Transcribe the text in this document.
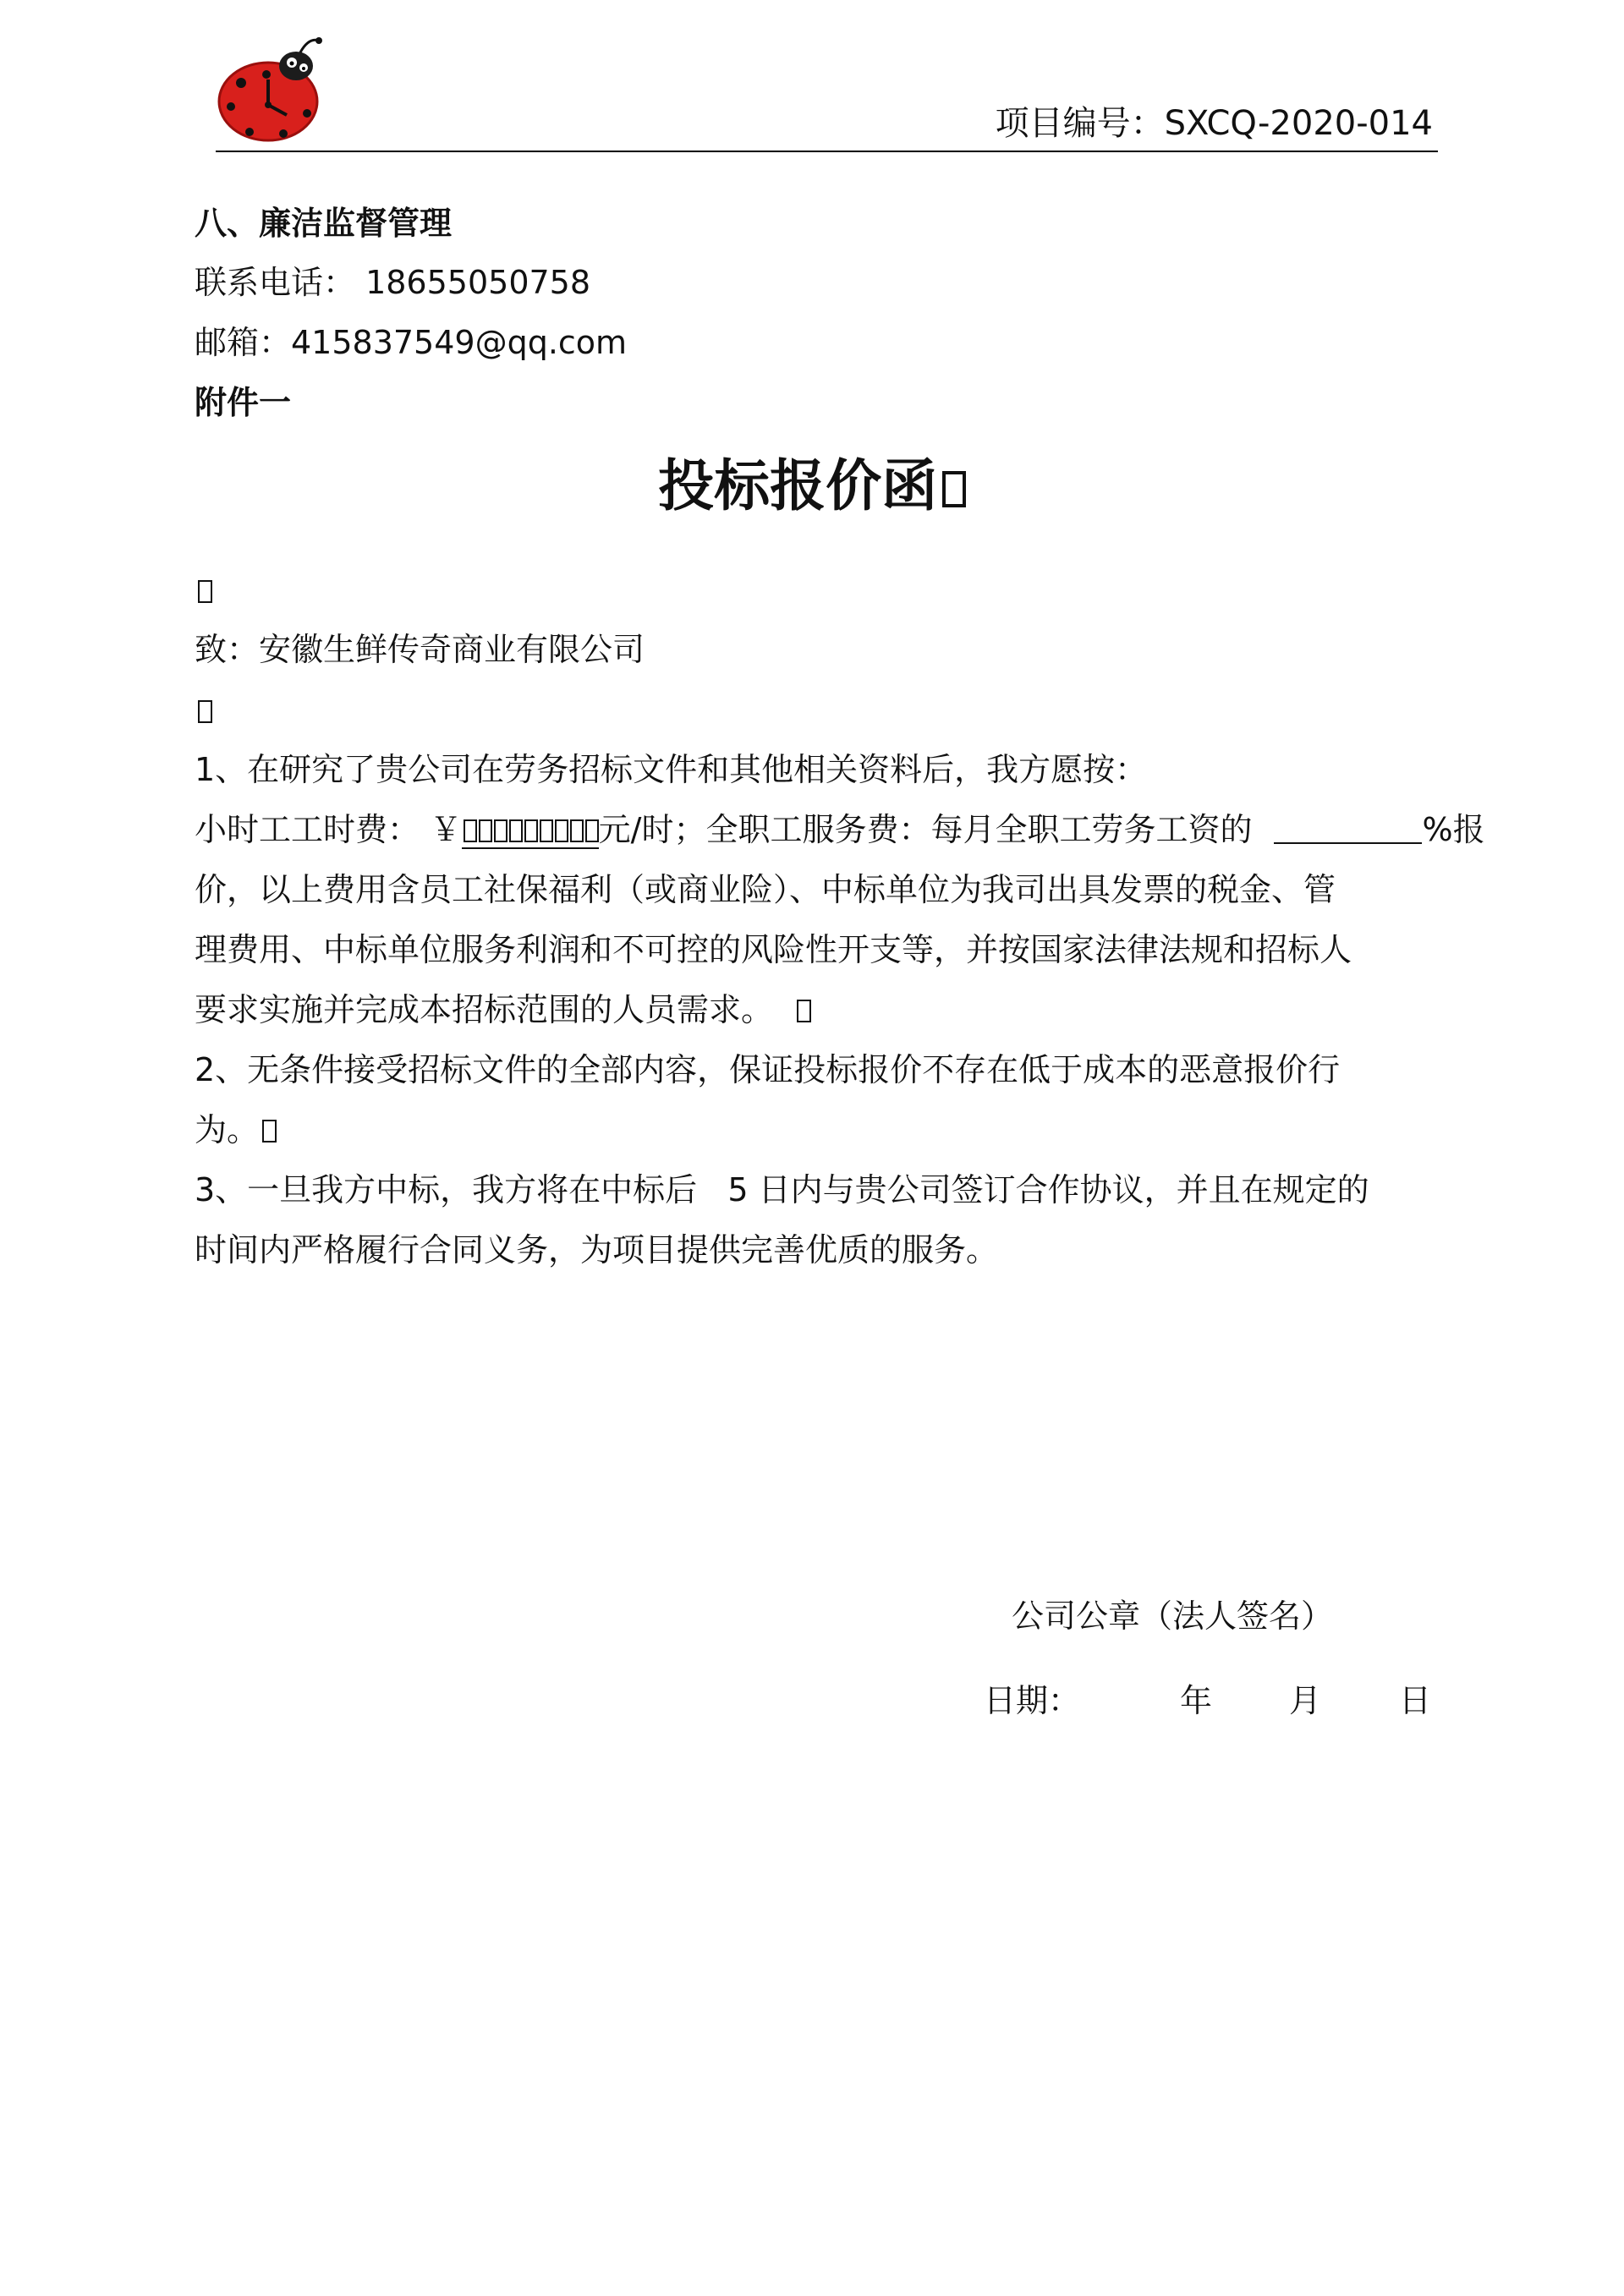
项目编号：SXCQ-2020-014
八、廉洁监督管理
联系电话： 18655050758
邮箱：415837549@qq.com
附件一
投标报价函
致：安徽生鲜传奇商业有限公司
1、在研究了贵公司在劳务招标文件和其他相关资料后，我方愿按：
小时工工时费： ￥	元/时；全职工服务费：每月全职工劳务工资的	%报
价，以上费用含员工社保福利（或商业险）、中标单位为我司出具发票的税金、管
理费用、中标单位服务利润和不可控的风险性开支等，并按国家法律法规和招标人
要求实施并完成本招标范围的人员需求。
2、无条件接受招标文件的全部内容，保证投标报价不存在低于成本的恶意报价行
为。
3、一旦我方中标，我方将在中标后   5 日内与贵公司签订合作协议，并且在规定的
时间内严格履行合同义务，为项目提供完善优质的服务。
公司公章（法人签名）
日期：	年 月 日
